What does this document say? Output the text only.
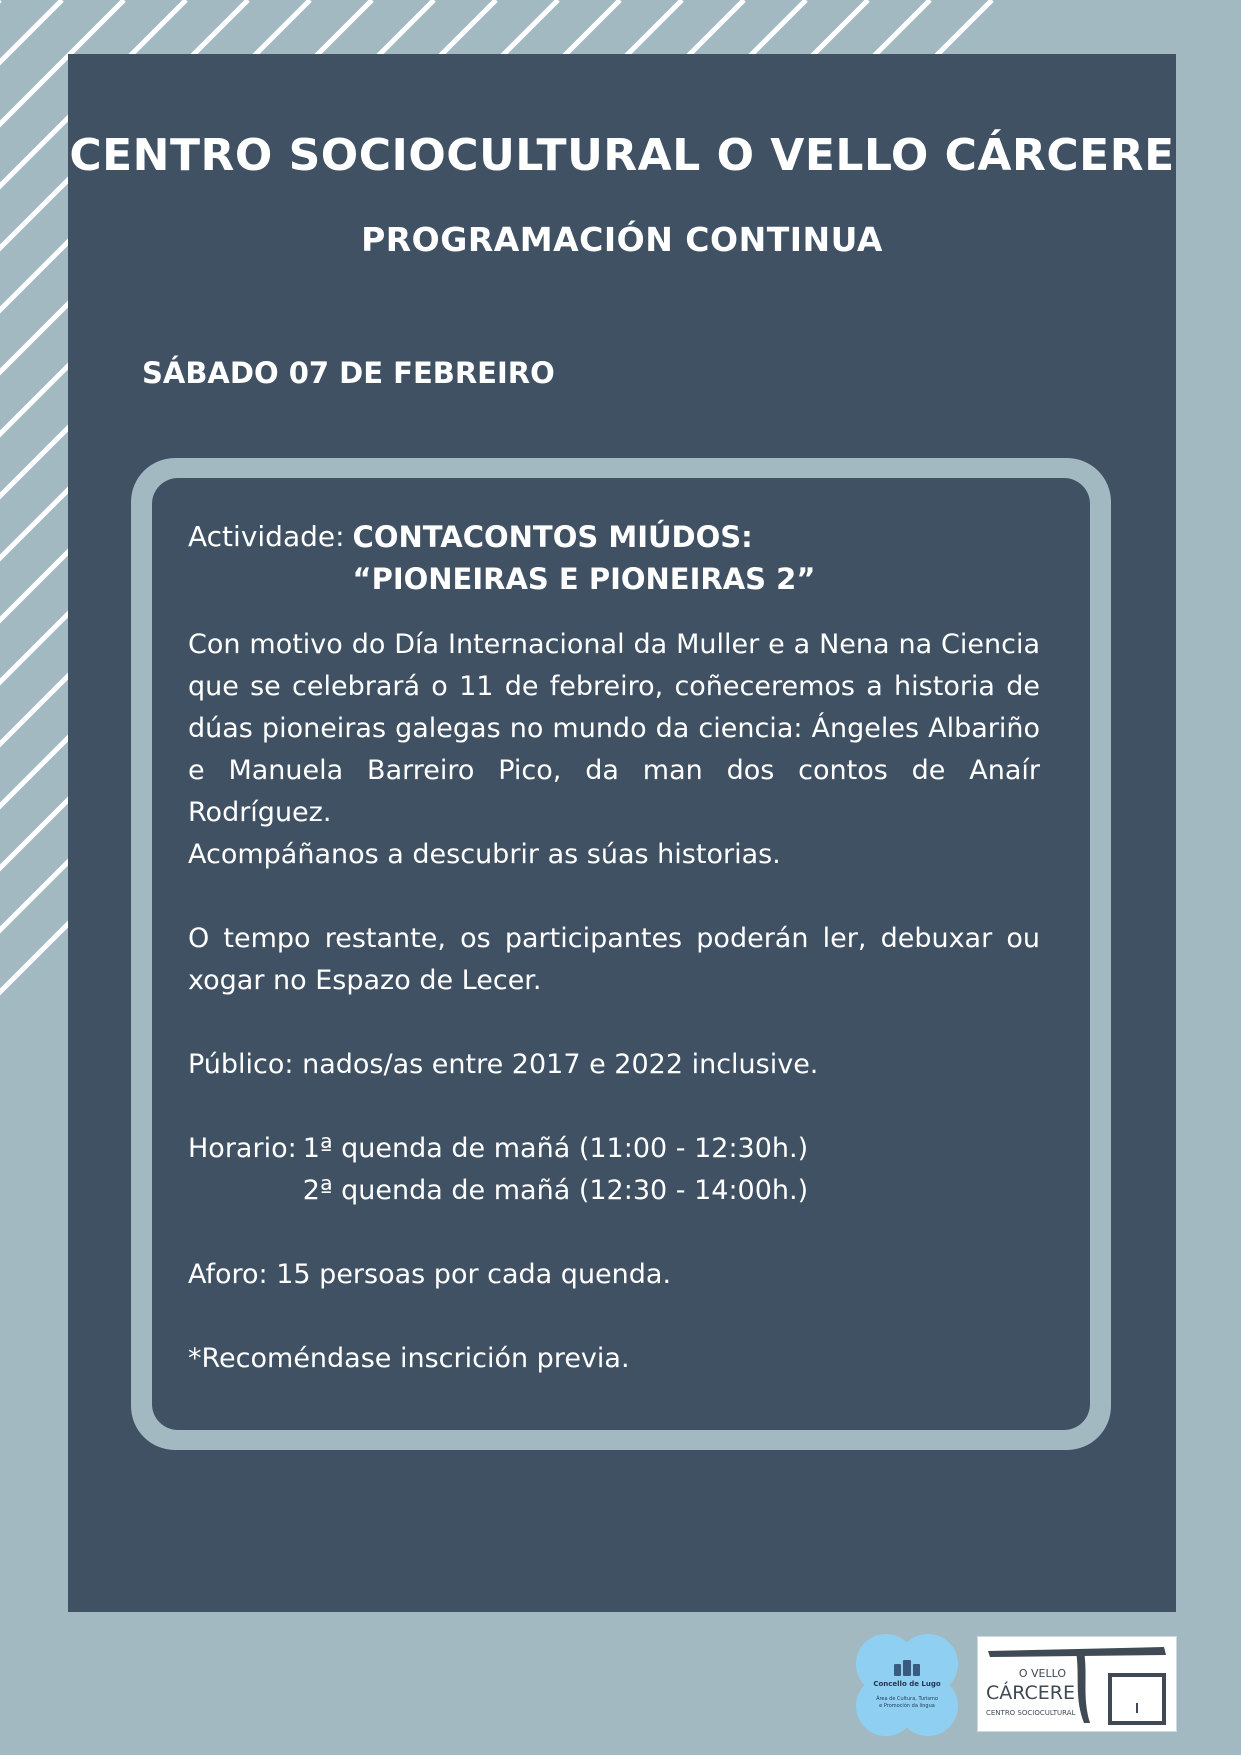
CENTRO SOCIOCULTURAL O VELLO CÁRCERE
PROGRAMACIÓN CONTINUA

SÁBADO 07 DE FEBREIRO

Actividade: CONTACONTOS MIÚDOS: “PIONEIRAS E PIONEIRAS 2”

Con motivo do Día Internacional da Muller e a Nena na Ciencia que se celebrará o 11 de febreiro, coñeceremos a historia de dúas pioneiras galegas no mundo da ciencia: Ángeles Albariño e Manuela Barreiro Pico, da man dos contos de Anaír Rodríguez.

Acompáñanos a descubrir as súas historias.

O tempo restante, os participantes poderán ler, debuxar ou xogar no Espazo de Lecer.

Público: nados/as entre 2017 e 2022 inclusive.

Horario: 1ª quenda de mañá (11:00 - 12:30h.)
2ª quenda de mañá (12:30 - 14:00h.)

Aforo: 15 persoas por cada quenda.

*Recoméndase inscrición previa.

Concello de Lugo
Área de Cultura, Turismo
e Promoción da lingua
O VELLO
CÁRCERE
CENTRO SOCIOCULTURAL
